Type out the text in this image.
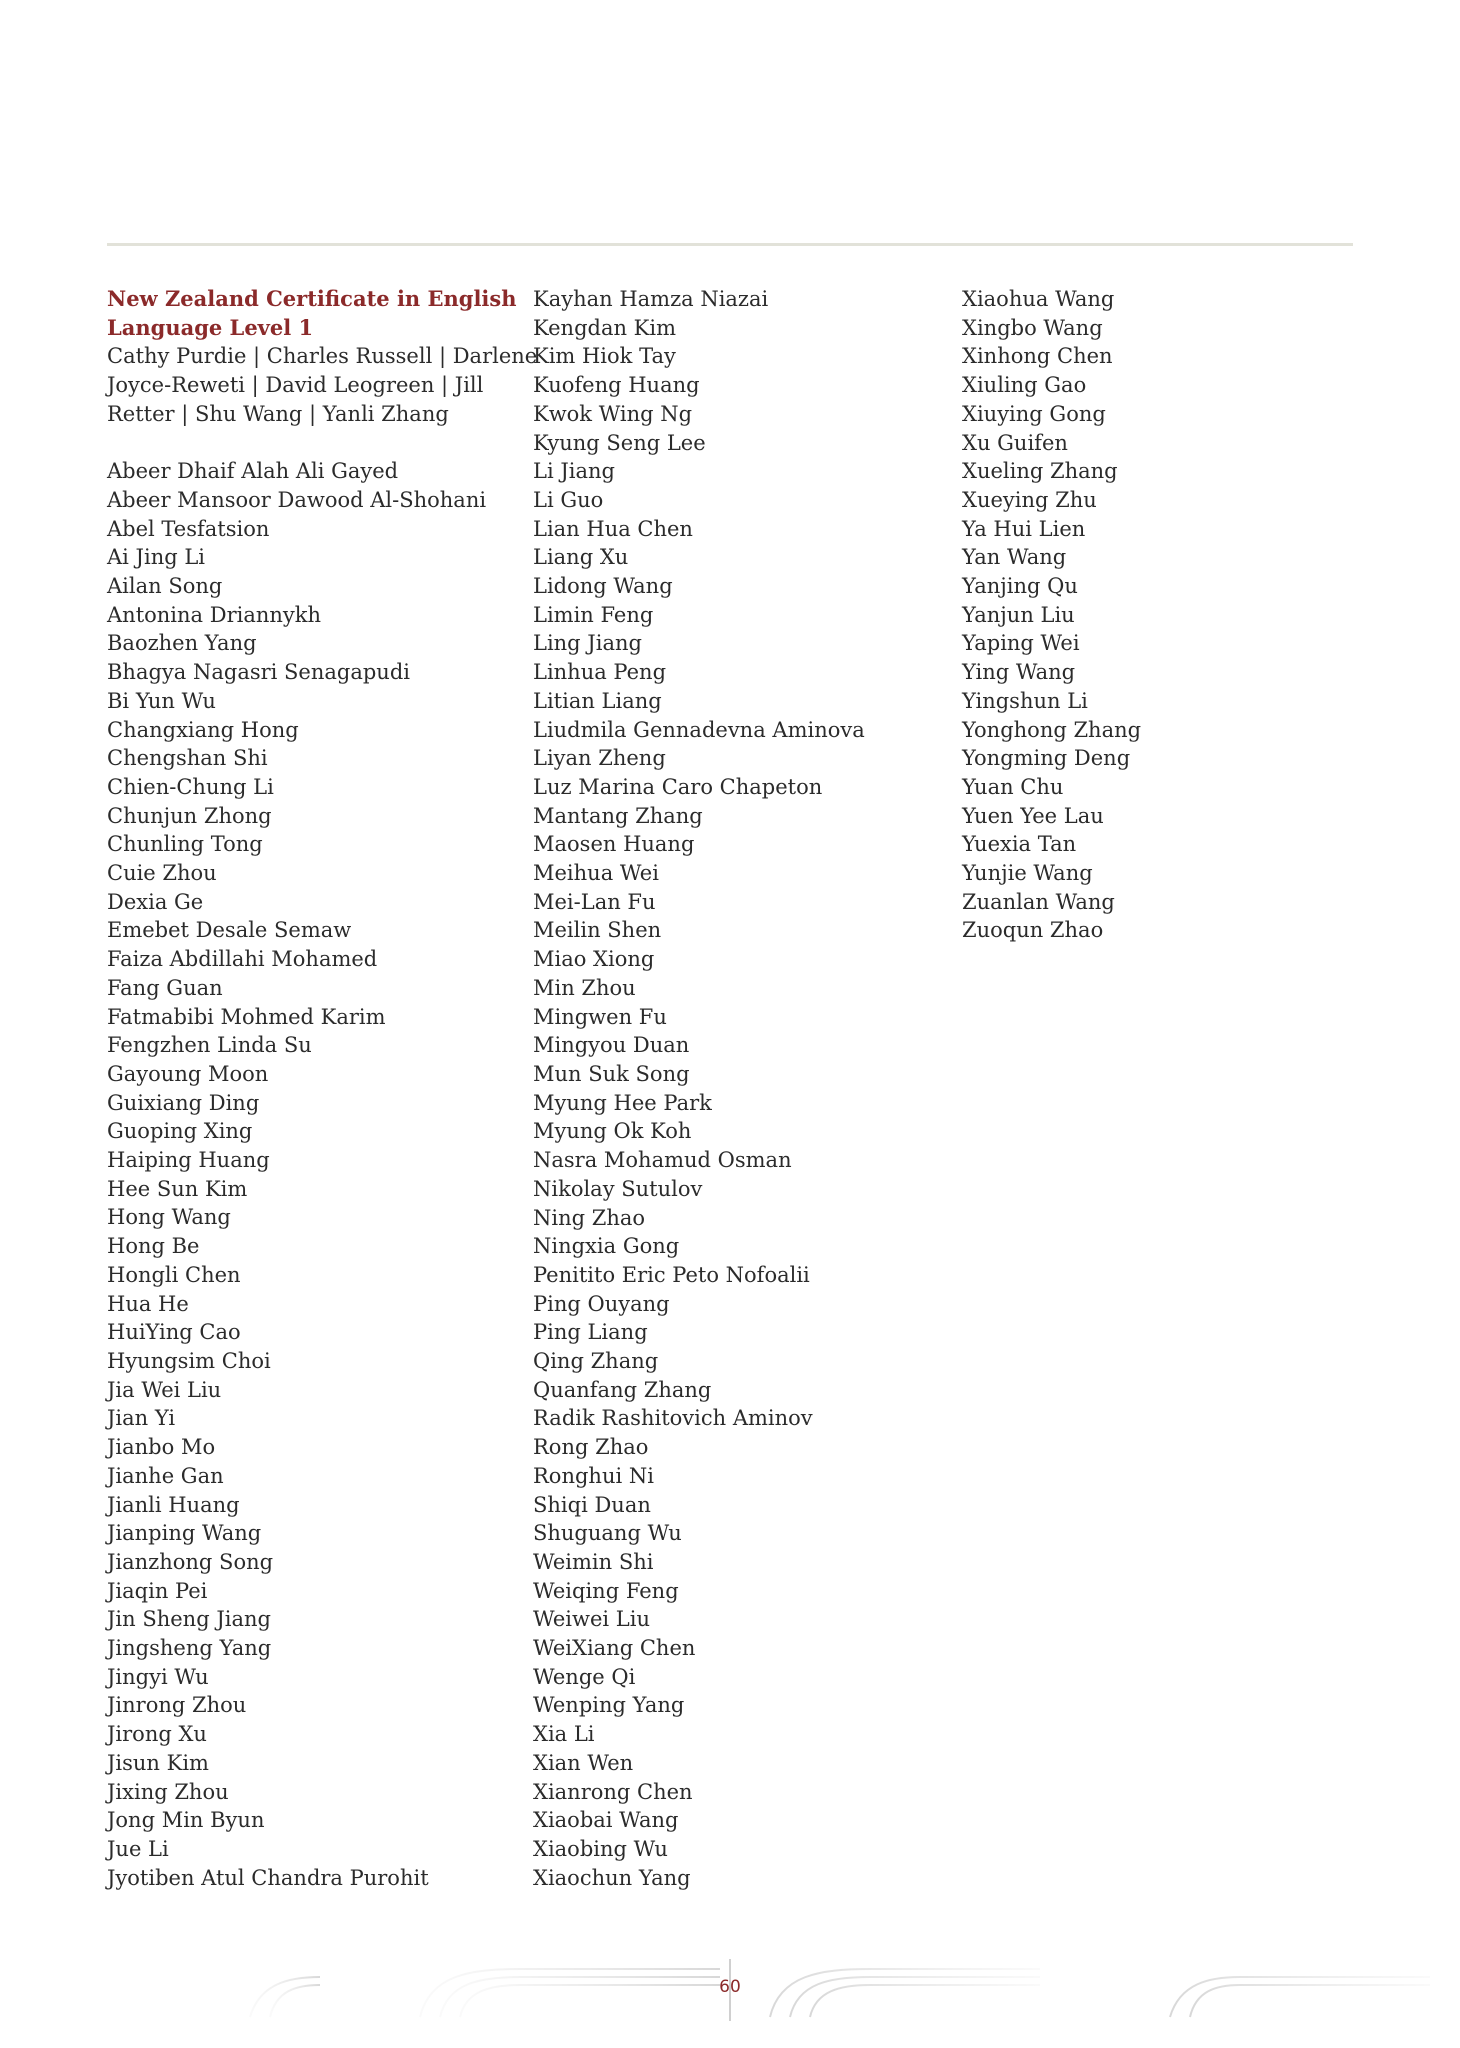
New Zealand Certificate in English
Language Level 1
Cathy Purdie | Charles Russell | Darlene
Joyce-Reweti | David Leogreen | Jill
Retter | Shu Wang | Yanli Zhang
Abeer Dhaif Alah Ali Gayed
Abeer Mansoor Dawood Al-Shohani
Abel Tesfatsion
Ai Jing Li
Ailan Song
Antonina Driannykh
Baozhen Yang
Bhagya Nagasri Senagapudi
Bi Yun Wu
Changxiang Hong
Chengshan Shi
Chien-Chung Li
Chunjun Zhong
Chunling Tong
Cuie Zhou
Dexia Ge
Emebet Desale Semaw
Faiza Abdillahi Mohamed
Fang Guan
Fatmabibi Mohmed Karim
Fengzhen Linda Su
Gayoung Moon
Guixiang Ding
Guoping Xing
Haiping Huang
Hee Sun Kim
Hong Wang
Hong Be
Hongli Chen
Hua He
HuiYing Cao
Hyungsim Choi
Jia Wei Liu
Jian Yi
Jianbo Mo
Jianhe Gan
Jianli Huang
Jianping Wang
Jianzhong Song
Jiaqin Pei
Jin Sheng Jiang
Jingsheng Yang
Jingyi Wu
Jinrong Zhou
Jirong Xu
Jisun Kim
Jixing Zhou
Jong Min Byun
Jue Li
Jyotiben Atul Chandra Purohit
Kayhan Hamza Niazai
Kengdan Kim
Kim Hiok Tay
Kuofeng Huang
Kwok Wing Ng
Kyung Seng Lee
Li Jiang
Li Guo
Lian Hua Chen
Liang Xu
Lidong Wang
Limin Feng
Ling Jiang
Linhua Peng
Litian Liang
Liudmila Gennadevna Aminova
Liyan Zheng
Luz Marina Caro Chapeton
Mantang Zhang
Maosen Huang
Meihua Wei
Mei-Lan Fu
Meilin Shen
Miao Xiong
Min Zhou
Mingwen Fu
Mingyou Duan
Mun Suk Song
Myung Hee Park
Myung Ok Koh
Nasra Mohamud Osman
Nikolay Sutulov
Ning Zhao
Ningxia Gong
Penitito Eric Peto Nofoalii
Ping Ouyang
Ping Liang
Qing Zhang
Quanfang Zhang
Radik Rashitovich Aminov
Rong Zhao
Ronghui Ni
Shiqi Duan
Shuguang Wu
Weimin Shi
Weiqing Feng
Weiwei Liu
WeiXiang Chen
Wenge Qi
Wenping Yang
Xia Li
Xian Wen
Xianrong Chen
Xiaobai Wang
Xiaobing Wu
Xiaochun Yang
Xiaohua Wang
Xingbo Wang
Xinhong Chen
Xiuling Gao
Xiuying Gong
Xu Guifen
Xueling Zhang
Xueying Zhu
Ya Hui Lien
Yan Wang
Yanjing Qu
Yanjun Liu
Yaping Wei
Ying Wang
Yingshun Li
Yonghong Zhang
Yongming Deng
Yuan Chu
Yuen Yee Lau
Yuexia Tan
Yunjie Wang
Zuanlan Wang
Zuoqun Zhao
60
